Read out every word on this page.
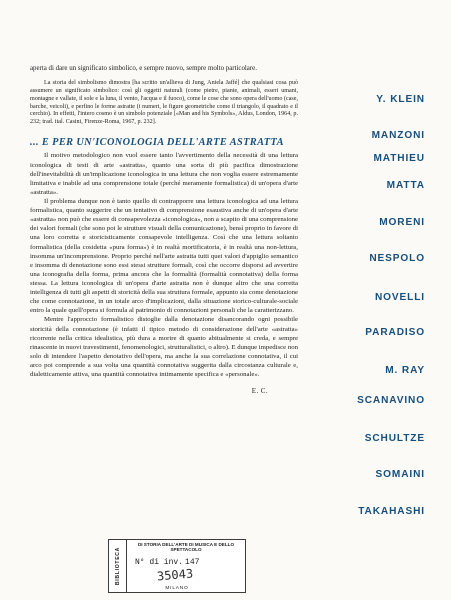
aperta di dare un significato simbolico, e sempre nuovo, sempre molto particolare.

La storia del simbolismo dimostra [ha scritto un'allieva di Jung, Aniela Jaffé] che qualsiasi cosa può assumere un significato simbolico: così gli oggetti naturali (come pietre, piante, animali, esseri umani, montagne e vallate, il sole e la luna, il vento, l'acqua e il fuoco), come le cose che sono opera dell'uomo (case, barche, veicoli), e perfino le forme astratte (i numeri, le figure geometriche come il triangolo, il quadrato e il cerchio). In effetti, l'intero cosmo è un simbolo potenziale [«Man and his Symbols», Aldus, London, 1964, p. 232; trad. ital. Casini, Firenze-Roma, 1967, p. 232].

... E PER UN'ICONOLOGIA DELL'ARTE ASTRATTA

Il motivo metodologico non vuol essere tanto l'avvertimento della necessità di una lettura iconologica di testi di arte «astratta», quanto una sorta di più pacifica dimostrazione dell'inevitabilità di un'implicazione iconologica in una lettura che non voglia essere estremamente limitativa e inabile ad una comprensione totale (perché meramente formalistica) di un'opera d'arte «astratta».

Il problema dunque non è tanto quello di contrapporre una lettura iconologica ad una lettura formalistica, quanto suggerire che un tentativo di comprensione esaustiva anche di un'opera d'arte «astratta» non può che essere di consapevolezza «iconologica», non a scapito di una comprensione dei valori formali (che sono poi le strutture visuali della comunicazione), bensì proprio in favore di una loro corretta e storicisticamente consapevole intelligenza. Così che una lettura soltanto formalistica (della cosidetta «pura forma») è in realtà mortificatoria, è in realtà una non-lettura, insomma un'incomprensione. Proprio perché nell'arte astratta tutti quei valori d'appiglio semantico e insomma di denotazione sono essi stessi strutture formali, così che occorre disporsi ad avvertire una iconografia della forma, prima ancora che la formalità (formalità connotativa) della forma stessa. La lettura iconologica di un'opera d'arte astratta non è dunque altro che una corretta intelligenza di tutti gli aspetti di storicità della sua struttura formale, appunto sia come denotazione che come connotazione, in un totale arco d'implicazioni, dalla situazione storico-culturale-sociale entro la quale quell'opera si formula al patrimonio di connotazioni personali che la caratterizzano.

Mentre l'approccio formalistico distoglie dalla denotazione disancorando ogni possibile storicità della connotazione (è infatti il tipico metodo di considerazione dell'arte «astratta» ricorrente nella critica idealistica, più dura a morire di quanto abitualmente si creda, e sempre rinascente in nuovi travestimenti, fenomenologici, strutturalistici, o altro). E dunque impedisce non solo di intendere l'aspetto denotativo dell'opera, ma anche la sua correlazione connotativa, il cui arco poi comprende a sua volta una quantità connotativa suggerita dalla circostanza culturale e, dialetticamente attiva, una quantità connotativa intimamente specifica e «personale».

E. C.
Y. KLEIN
MANZONI
MATHIEU
MATTA
MORENI
NESPOLO
NOVELLI
PARADISO
M. RAY
SCANAVINO
SCHULTZE
SOMAINI
TAKAHASHI
BIBLIOTECA
DI STORIA DELL'ARTE DI MUSICA E DELLO SPETTACOLO
N° di inv. 147
35043
MILANO
